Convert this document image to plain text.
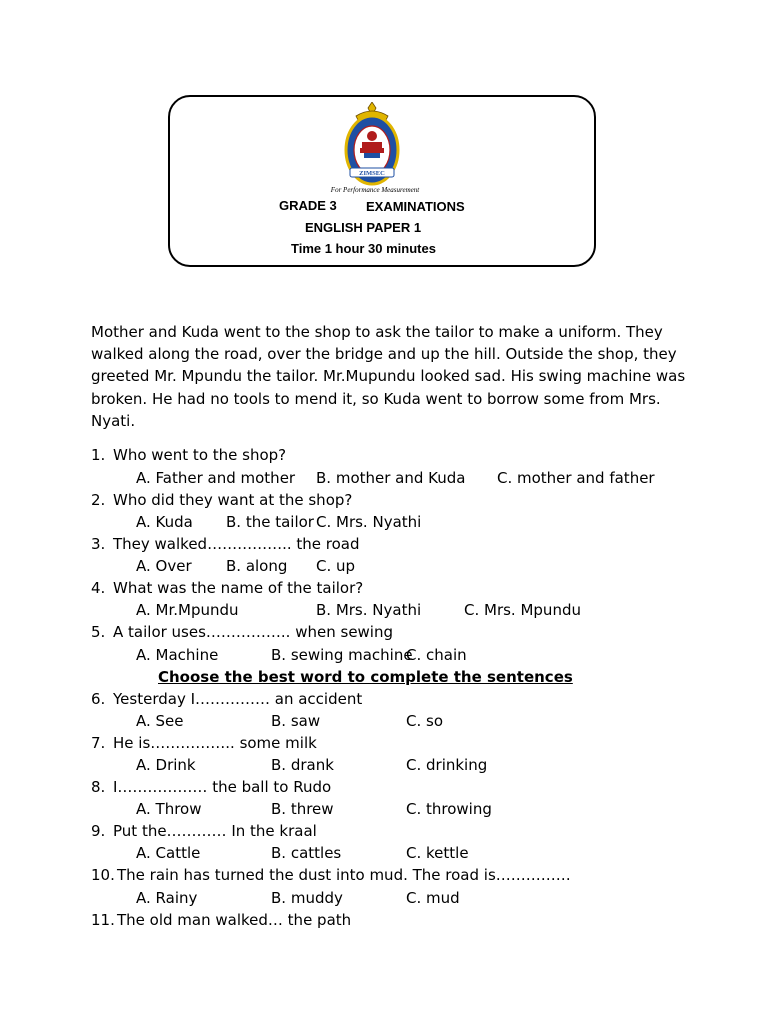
ZIMSEC
For Performance Measurement
GRADE 3 EXAMINATIONS
ENGLISH PAPER 1
Time 1 hour 30 minutes

Mother and Kuda went to the shop to ask the tailor to make a uniform. They walked along the road, over the bridge and up the hill. Outside the shop, they greeted Mr. Mpundu the tailor. Mr.Mupundu looked sad. His swing machine was broken. He had no tools to mend it, so Kuda went to borrow some from Mrs. Nyati.

1. Who went to the shop?
A. Father and mother B. mother and Kuda C. mother and father
2. Who did they want at the shop?
A. Kuda B. the tailor C. Mrs. Nyathi
3. They walked…………….. the road
A. Over B. along C. up
4. What was the name of the tailor?
A. Mr.Mpundu	B. Mrs. Nyathi	C. Mrs. Mpundu
5. A tailor uses…………….. when sewing
A. Machine	B. sewing machine
C. chain
Choose the best word to complete the sentences
6. Yesterday I…………… an accident
A. See	B. saw	C. so
7. He is…………….. some milk
A. Drink	B. drank	C. drinking
8. I……………… the ball to Rudo
A. Throw	B. threw	C. throwing
9. Put the………… In the kraal
A. Cattle	B. cattles	C. kettle
10. The rain has turned the dust into mud. The road is……………
A. Rainy	B. muddy	C. mud
11. The old man walked… the path
